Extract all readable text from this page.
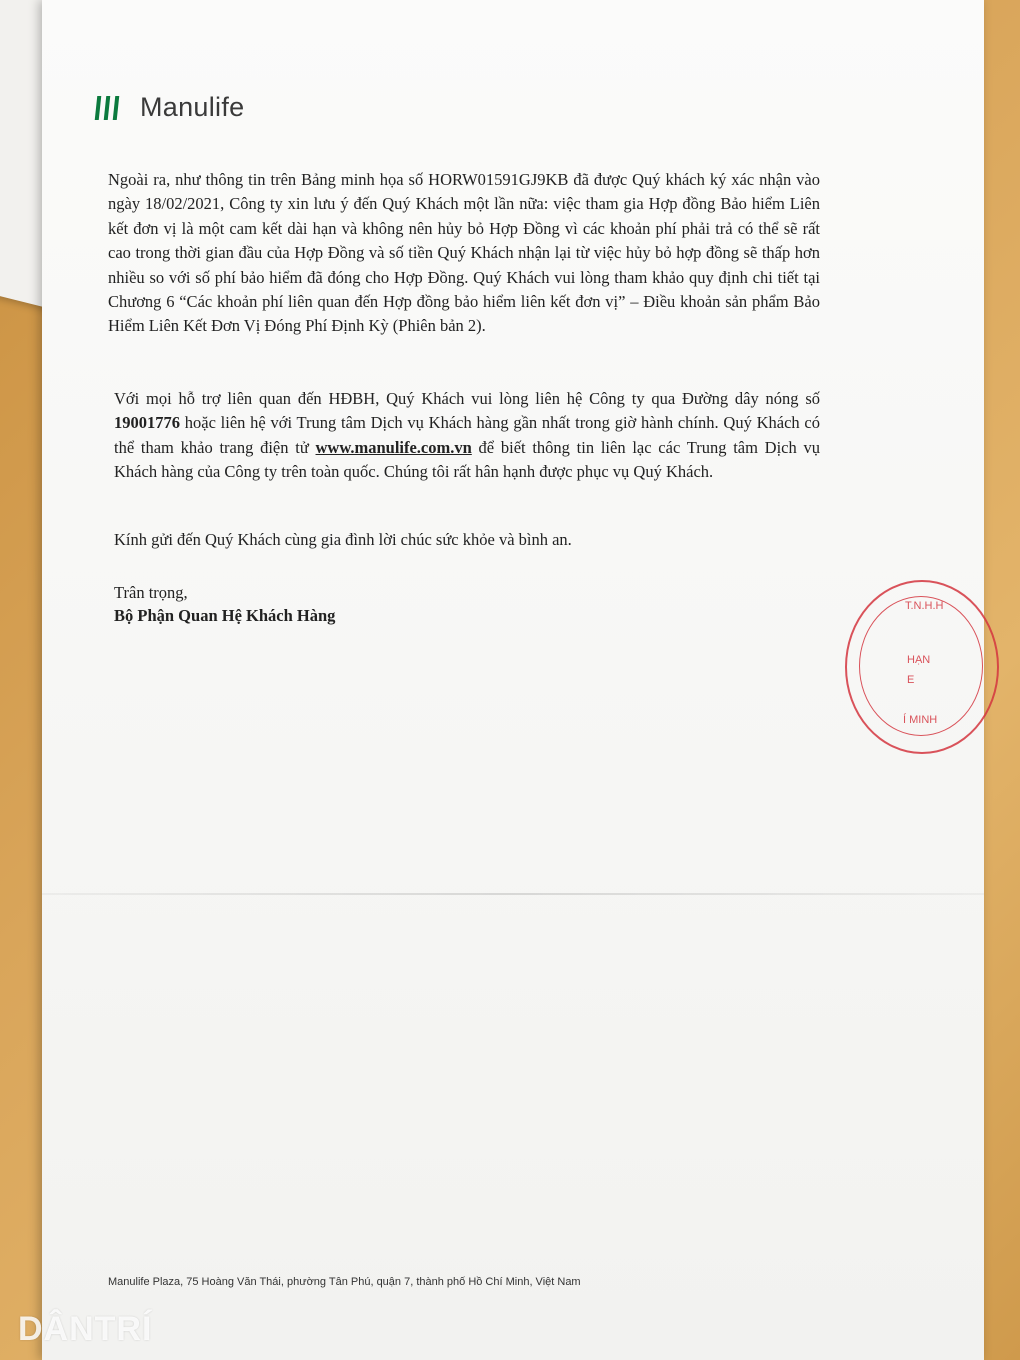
Manulife
Ngoài ra, như thông tin trên Bảng minh họa số HORW01591GJ9KB đã được Quý khách ký xác nhận vào ngày 18/02/2021, Công ty xin lưu ý đến Quý Khách một lần nữa: việc tham gia Hợp đồng Bảo hiểm Liên kết đơn vị là một cam kết dài hạn và không nên hủy bỏ Hợp Đồng vì các khoản phí phải trả có thể sẽ rất cao trong thời gian đầu của Hợp Đồng và số tiền Quý Khách nhận lại từ việc hủy bỏ hợp đồng sẽ thấp hơn nhiều so với số phí bảo hiểm đã đóng cho Hợp Đồng. Quý Khách vui lòng tham khảo quy định chi tiết tại Chương 6 “Các khoản phí liên quan đến Hợp đồng bảo hiểm liên kết đơn vị” – Điều khoản sản phẩm Bảo Hiểm Liên Kết Đơn Vị Đóng Phí Định Kỳ (Phiên bản 2).
Với mọi hỗ trợ liên quan đến HĐBH, Quý Khách vui lòng liên hệ Công ty qua Đường dây nóng số 19001776 hoặc liên hệ với Trung tâm Dịch vụ Khách hàng gần nhất trong giờ hành chính. Quý Khách có thể tham khảo trang điện tử www.manulife.com.vn để biết thông tin liên lạc các Trung tâm Dịch vụ Khách hàng của Công ty trên toàn quốc. Chúng tôi rất hân hạnh được phục vụ Quý Khách.
Kính gửi đến Quý Khách cùng gia đình lời chúc sức khỏe và bình an.
Trân trọng,
Bộ Phận Quan Hệ Khách Hàng	T.N.H.H
HẠN
E
Í MINH
Manulife Plaza, 75 Hoàng Văn Thái, phường Tân Phú, quận 7, thành phố Hồ Chí Minh, Việt Nam
DÂNTRÍ
